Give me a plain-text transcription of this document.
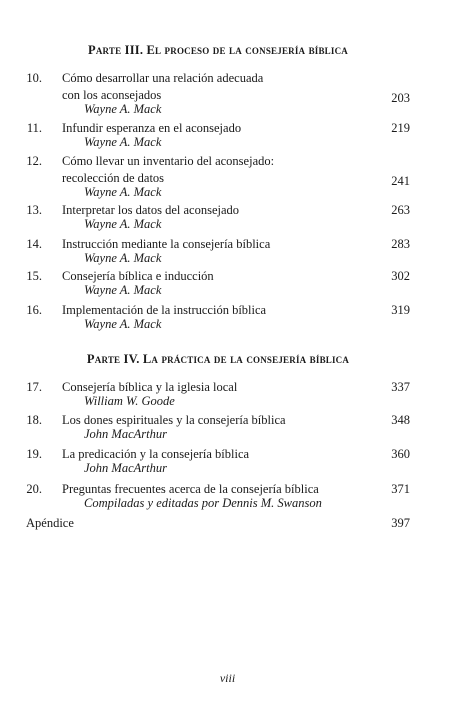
Parte III. El proceso de la consejería bíblica
10. Cómo desarrollar una relación adecuada
con los aconsejados
Wayne A. Mack
203
11. Infundir esperanza en el aconsejado
Wayne A. Mack
219
12. Cómo llevar un inventario del aconsejado:
recolección de datos
Wayne A. Mack
241
13. Interpretar los datos del aconsejado
Wayne A. Mack
263
14. Instrucción mediante la consejería bíblica
Wayne A. Mack
283
15. Consejería bíblica e inducción
Wayne A. Mack
302
16. Implementación de la instrucción bíblica
Wayne A. Mack
319
Parte IV. La práctica de la consejería bíblica
17. Consejería bíblica y la iglesia local
William W. Goode
337
18. Los dones espirituales y la consejería bíblica
John MacArthur
348
19. La predicación y la consejería bíblica
John MacArthur
360
20. Preguntas frecuentes acerca de la consejería bíblica
Compiladas y editadas por Dennis M. Swanson
371
Apéndice	397
viii
